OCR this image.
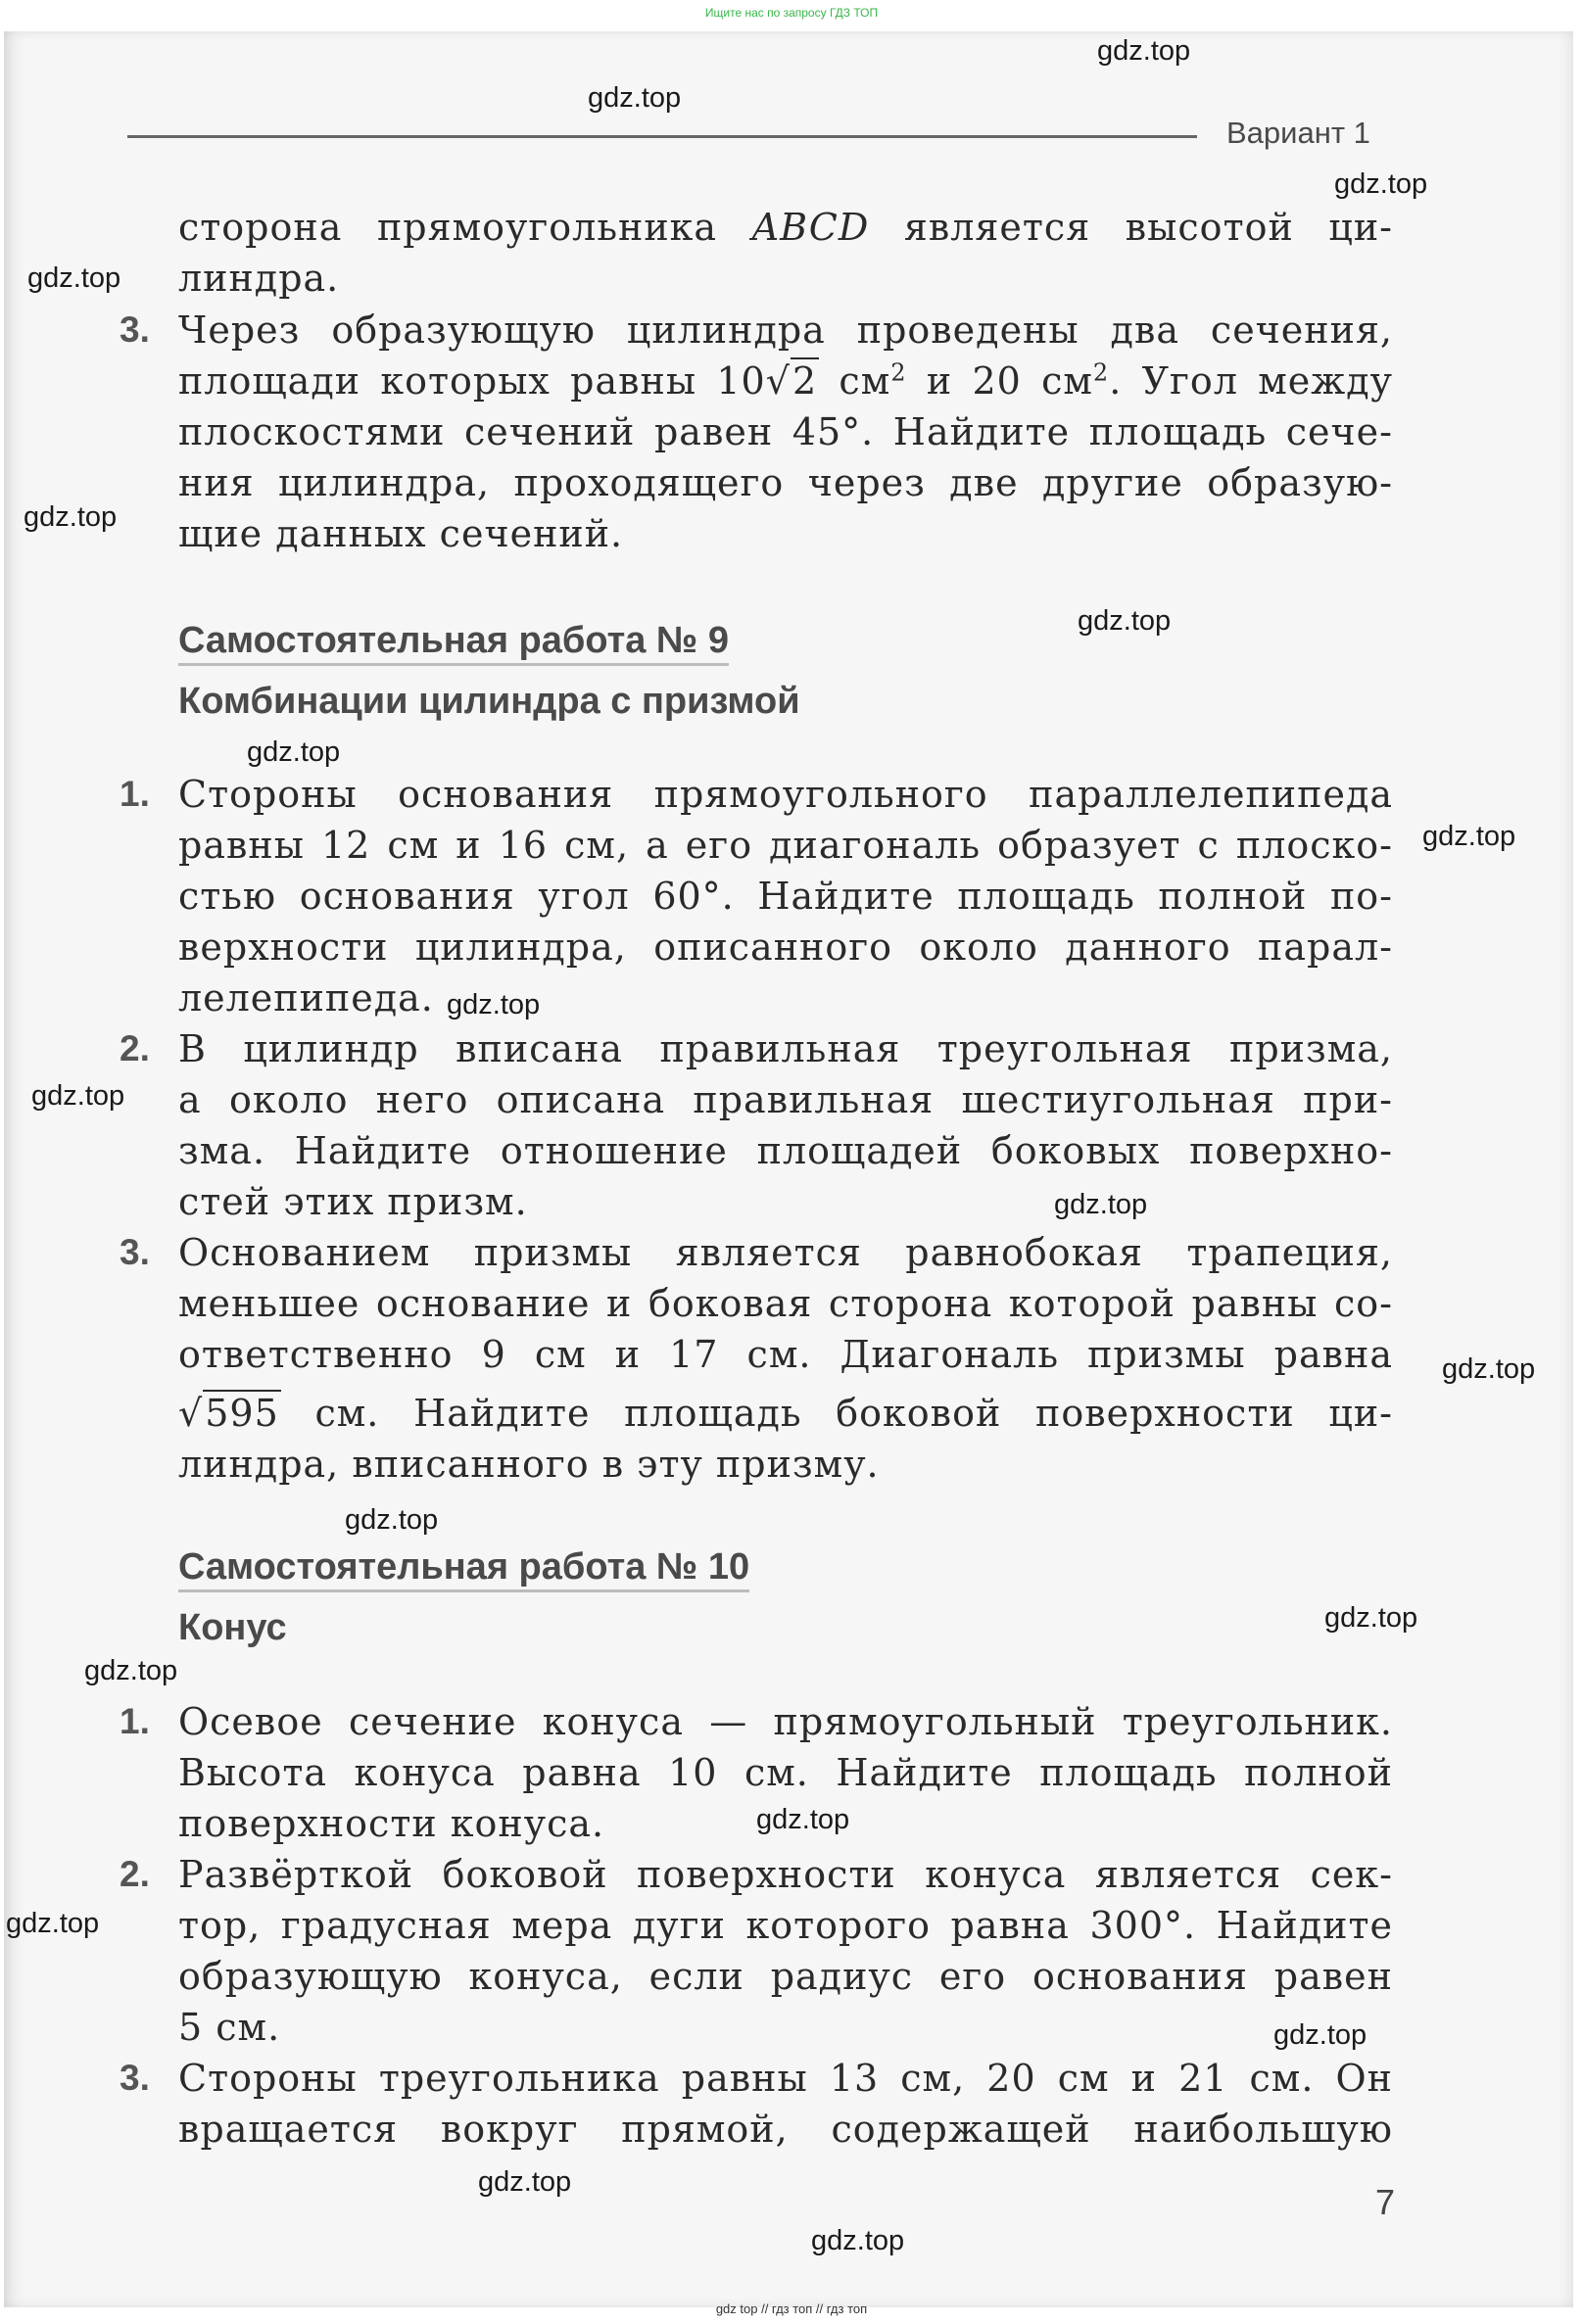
Ищите нас по запросу ГДЗ ТОП
Вариант 1
сторона прямоугольника ABCD является высотой ци-
линдра.
3. Через образующую цилиндра проведены два сечения,
площади которых равны 10√2 $см^2$ и 20 $см^2$. Угол между
плоскостями сечений равен 45°. Найдите площадь сече-
ния цилиндра, проходящего через две другие образую-
щие данных сечений.
Самостоятельная работа № 9
Комбинации цилиндра с призмой
1. Стороны основания прямоугольного параллелепипеда
равны 12 см и 16 см, а его диагональ образует с плоско-
стью основания угол 60°. Найдите площадь полной по-
верхности цилиндра, описанного около данного парал-
лелепипеда.
2. В цилиндр вписана правильная треугольная призма,
а около него описана правильная шестиугольная при-
зма. Найдите отношение площадей боковых поверхно-
стей этих призм.
3. Основанием призмы является равнобокая трапеция,
меньшее основание и боковая сторона которой равны со-
ответственно 9 см и 17 см. Диагональ призмы равна
√595 см. Найдите площадь боковой поверхности ци-
линдра, вписанного в эту призму.
Самостоятельная работа № 10
Конус
1. Осевое сечение конуса — прямоугольный треугольник.
Высота конуса равна 10 см. Найдите площадь полной
поверхности конуса.
2. Развёрткой боковой поверхности конуса является сек-
тор, градусная мера дуги которого равна 300°. Найдите
образующую конуса, если радиус его основания равен
5 см.
3. Стороны треугольника равны 13 см, 20 см и 21 см. Он
вращается вокруг прямой, содержащей наибольшую
7
gdz.top
gdz.top
gdz.top
gdz.top
gdz.top
gdz.top
gdz.top
gdz.top
gdz.top
gdz.top
gdz.top
gdz.top
gdz.top
gdz.top
gdz.top
gdz.top
gdz.top
gdz.top
gdz.top
gdz.top
gdz top // гдз топ // гдз топ
